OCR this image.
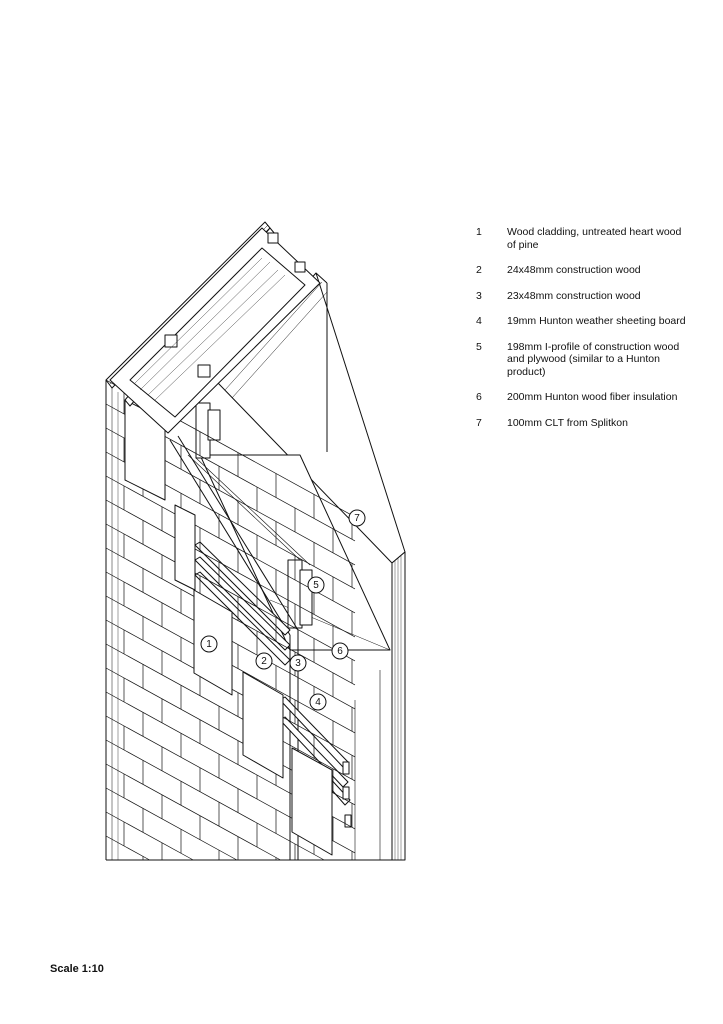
1
2	3
4
5
6
7
1	Wood cladding, untreated heart wood of pine
2	24x48mm construction wood
3	23x48mm construction wood
4	19mm Hunton weather sheeting board
5	198mm I-profile of construction wood and plywood (similar to a Hunton product)
6	200mm Hunton wood fiber insulation
7	100mm CLT from Splitkon
Scale 1:10
